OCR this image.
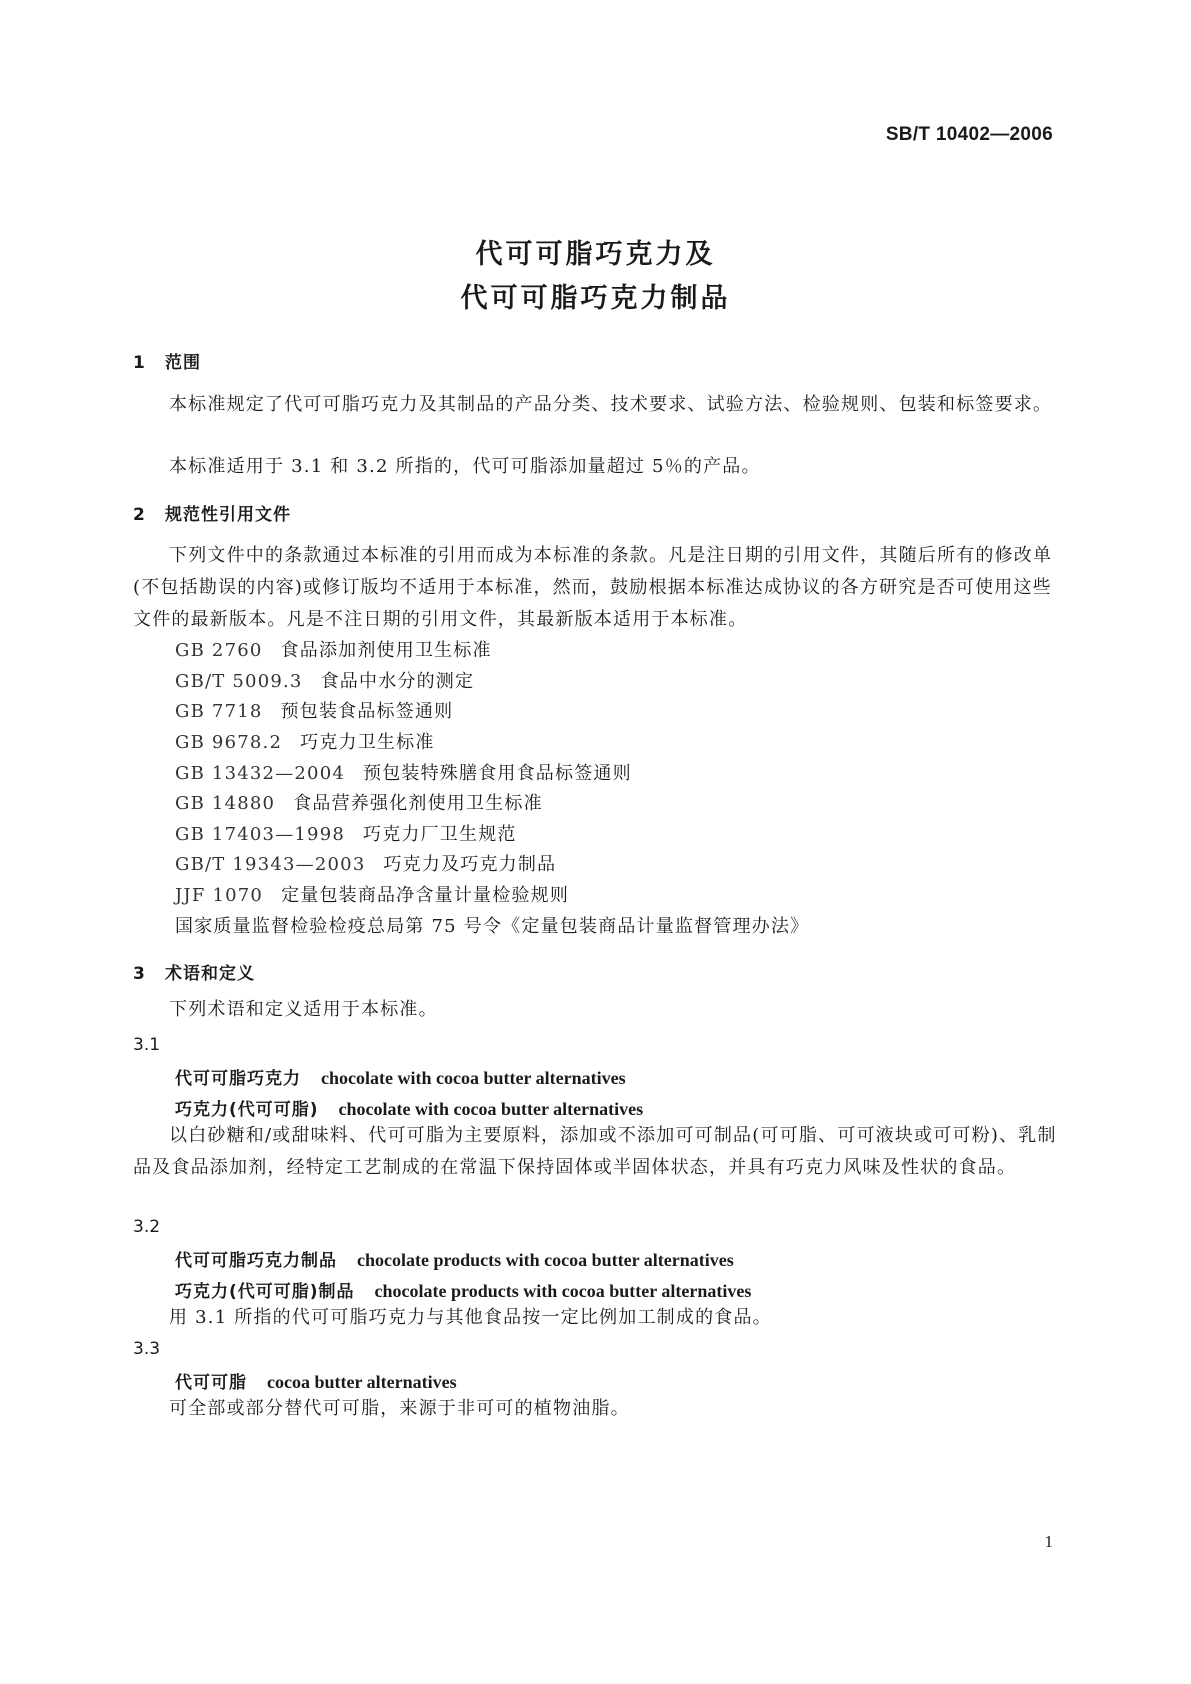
SB/T 10402—2006
代可可脂巧克力及
代可可脂巧克力制品
1 范围
本标准规定了代可可脂巧克力及其制品的产品分类、技术要求、试验方法、检验规则、包装和标签要求。
本标准适用于 3.1 和 3.2 所指的，代可可脂添加量超过 5％的产品。
2 规范性引用文件
下列文件中的条款通过本标准的引用而成为本标准的条款。凡是注日期的引用文件，其随后所有的修改单(不包括勘误的内容)或修订版均不适用于本标准，然而，鼓励根据本标准达成协议的各方研究是否可使用这些文件的最新版本。凡是不注日期的引用文件，其最新版本适用于本标准。
GB 2760 食品添加剂使用卫生标准
GB/T 5009.3 食品中水分的测定
GB 7718 预包装食品标签通则
GB 9678.2 巧克力卫生标准
GB 13432—2004 预包装特殊膳食用食品标签通则
GB 14880 食品营养强化剂使用卫生标准
GB 17403—1998 巧克力厂卫生规范
GB/T 19343—2003 巧克力及巧克力制品
JJF 1070 定量包装商品净含量计量检验规则
国家质量监督检验检疫总局第 75 号令《定量包装商品计量监督管理办法》
3 术语和定义
下列术语和定义适用于本标准。
3.1
代可可脂巧克力 chocolate with cocoa butter alternatives
巧克力(代可可脂) chocolate with cocoa butter alternatives
以白砂糖和/或甜味料、代可可脂为主要原料，添加或不添加可可制品(可可脂、可可液块或可可粉)、乳制品及食品添加剂，经特定工艺制成的在常温下保持固体或半固体状态，并具有巧克力风味及性状的食品。
3.2
代可可脂巧克力制品 chocolate products with cocoa butter alternatives
巧克力(代可可脂)制品 chocolate products with cocoa butter alternatives
用 3.1 所指的代可可脂巧克力与其他食品按一定比例加工制成的食品。
3.3
代可可脂 cocoa butter alternatives
可全部或部分替代可可脂，来源于非可可的植物油脂。
1
